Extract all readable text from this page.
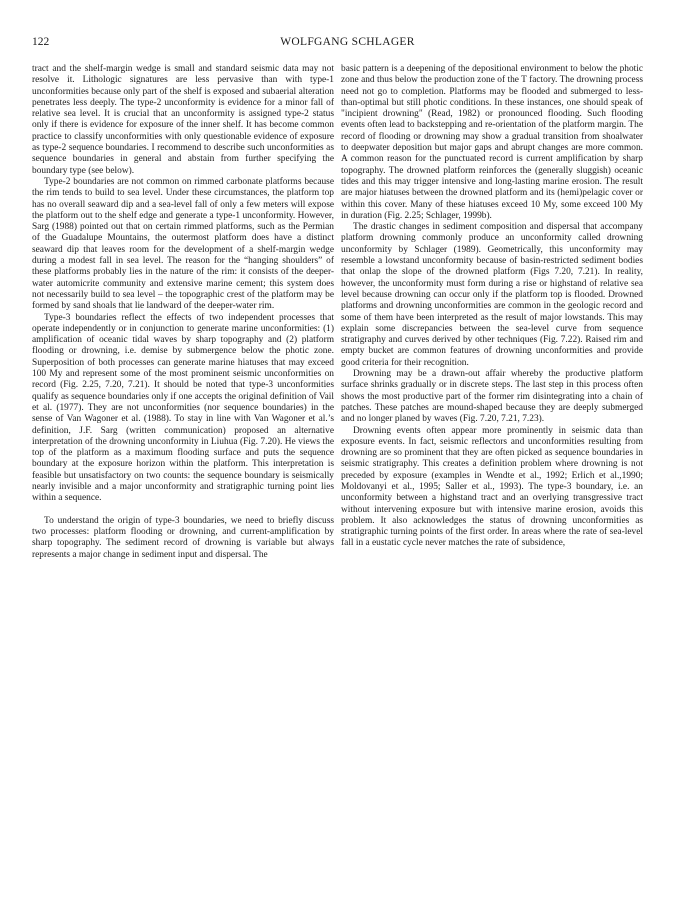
122	WOLFGANG SCHLAGER

tract and the shelf-margin wedge is small and standard seismic data may not resolve it. Lithologic signatures are less pervasive than with type-1 unconformities because only part of the shelf is exposed and subaerial alteration penetrates less deeply. The type-2 unconformity is evidence for a minor fall of relative sea level. It is crucial that an unconformity is assigned type-2 status only if there is evidence for exposure of the inner shelf. It has become common practice to classify unconformities with only questionable evidence of exposure as type-2 sequence boundaries. I recommend to describe such unconformities as sequence boundaries in general and abstain from further specifying the boundary type (see below).

Type-2 boundaries are not common on rimmed carbonate platforms because the rim tends to build to sea level. Under these circumstances, the platform top has no overall seaward dip and a sea-level fall of only a few meters will expose the platform out to the shelf edge and generate a type-1 unconformity. However, Sarg (1988) pointed out that on certain rimmed platforms, such as the Permian of the Guadalupe Mountains, the outermost platform does have a distinct seaward dip that leaves room for the development of a shelf-margin wedge during a modest fall in sea level. The reason for the “hanging shoulders” of these platforms probably lies in the nature of the rim: it consists of the deeper-water automicrite community and extensive marine cement; this system does not necessarily build to sea level – the topographic crest of the platform may be formed by sand shoals that lie landward of the deeper-water rim.

Type-3 boundaries reflect the effects of two independent processes that operate independently or in conjunction to generate marine unconformities: (1) amplification of oceanic tidal waves by sharp topography and (2) platform flooding or drowning, i.e. demise by submergence below the photic zone. Superposition of both processes can generate marine hiatuses that may exceed 100 My and represent some of the most prominent seismic unconformities on record (Fig. 2.25, 7.20, 7.21). It should be noted that type-3 unconformities qualify as sequence boundaries only if one accepts the original definition of Vail et al. (1977). They are not unconformities (nor sequence boundaries) in the sense of Van Wagoner et al. (1988). To stay in line with Van Wagoner et al.’s definition, J.F. Sarg (written communication) proposed an alternative interpretation of the drowning unconformity in Liuhua (Fig. 7.20). He views the top of the platform as a maximum flooding surface and puts the sequence boundary at the exposure horizon within the platform. This interpretation is feasible but unsatisfactory on two counts: the sequence boundary is seismically nearly invisible and a major unconformity and stratigraphic turning point lies within a sequence.

To understand the origin of type-3 boundaries, we need to briefly discuss two processes: platform flooding or drowning, and current-amplification by sharp topography. The sediment record of drowning is variable but always represents a major change in sediment input and dispersal. The

basic pattern is a deepening of the depositional environment to below the photic zone and thus below the production zone of the T factory. The drowning process need not go to completion. Platforms may be flooded and submerged to less-than-optimal but still photic conditions. In these instances, one should speak of "incipient drowning" (Read, 1982) or pronounced flooding. Such flooding events often lead to backstepping and re-orientation of the platform margin. The record of flooding or drowning may show a gradual transition from shoalwater to deepwater deposition but major gaps and abrupt changes are more common. A common reason for the punctuated record is current amplification by sharp topography. The drowned platform reinforces the (generally sluggish) oceanic tides and this may trigger intensive and long-lasting marine erosion. The result are major hiatuses between the drowned platform and its (hemi)pelagic cover or within this cover. Many of these hiatuses exceed 10 My, some exceed 100 My in duration (Fig. 2.25; Schlager, 1999b).

The drastic changes in sediment composition and dispersal that accompany platform drowning commonly produce an unconformity called drowning unconformity by Schlager (1989). Geometrically, this unconformity may resemble a lowstand unconformity because of basin-restricted sediment bodies that onlap the slope of the drowned platform (Figs 7.20, 7.21). In reality, however, the unconformity must form during a rise or highstand of relative sea level because drowning can occur only if the platform top is flooded. Drowned platforms and drowning unconformities are common in the geologic record and some of them have been interpreted as the result of major lowstands. This may explain some discrepancies between the sea-level curve from sequence stratigraphy and curves derived by other techniques (Fig. 7.22). Raised rim and empty bucket are common features of drowning unconformities and provide good criteria for their recognition.

Drowning may be a drawn-out affair whereby the productive platform surface shrinks gradually or in discrete steps. The last step in this process often shows the most productive part of the former rim disintegrating into a chain of patches. These patches are mound-shaped because they are deeply submerged and no longer planed by waves (Fig. 7.20, 7.21, 7.23).

Drowning events often appear more prominently in seismic data than exposure events. In fact, seismic reflectors and unconformities resulting from drowning are so prominent that they are often picked as sequence boundaries in seismic stratigraphy. This creates a definition problem where drowning is not preceded by exposure (examples in Wendte et al., 1992; Erlich et al.,1990; Moldovanyi et al., 1995; Saller et al., 1993). The type-3 boundary, i.e. an unconformity between a highstand tract and an overlying transgressive tract without intervening exposure but with intensive marine erosion, avoids this problem. It also acknowledges the status of drowning unconformities as stratigraphic turning points of the first order. In areas where the rate of sea-level fall in a eustatic cycle never matches the rate of subsidence,
